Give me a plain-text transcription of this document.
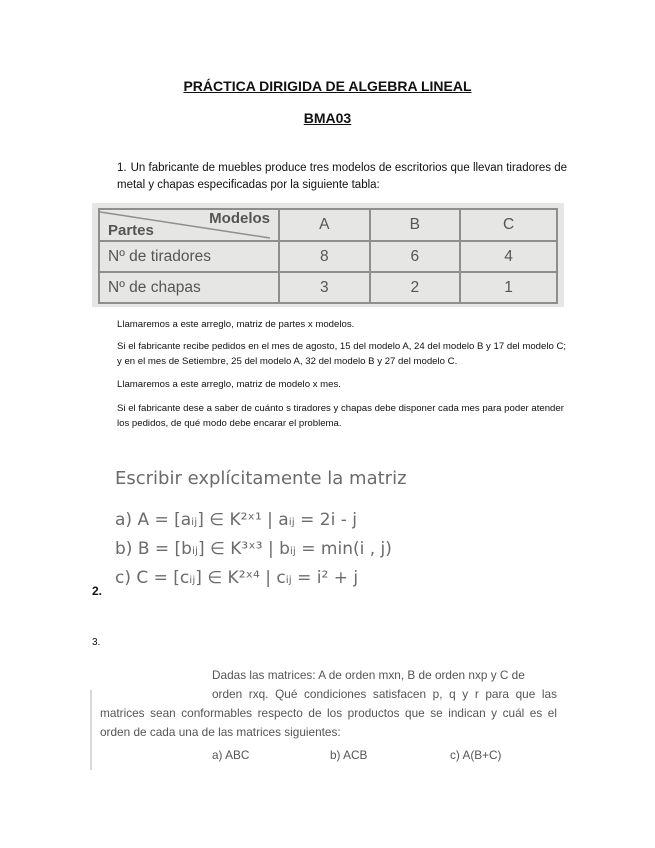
PRÁCTICA DIRIGIDA DE ALGEBRA LINEAL
BMA03
1. Un fabricante de muebles produce tres modelos de escritorios que llevan tiradores de metal y chapas especificadas por la siguiente tabla:
Partes
Modelos	A	B	C
Nº de tiradores	8	6	4
Nº de chapas	3	2	1
Llamaremos a este arreglo, matriz de partes x modelos.
Si el fabricante recibe pedidos en el mes de agosto, 15 del modelo A, 24 del modelo B y 17 del modelo C; y en el mes de Setiembre, 25 del modelo A, 32 del modelo B y 27 del modelo C.
Llamaremos a este arreglo, matriz de modelo x mes.
Si el fabricante dese a saber de cuánto s tiradores y chapas debe disponer cada mes para poder atender los pedidos, de qué modo debe encarar el problema.
Escribir explícitamente la matriz
a) A = [aᵢⱼ] ∈ K²ˣ¹ | aᵢⱼ = 2i - j
b) B = [bᵢⱼ] ∈ K³ˣ³ | bᵢⱼ = min(i , j)
c) C = [cᵢⱼ] ∈ K²ˣ⁴ | cᵢⱼ = i² + j
2.
3.
Dadas las matrices: A de orden mxn, B de orden nxp y C de
orden rxq. Qué condiciones satisfacen p, q y r para que las
matrices sean conformables respecto de los productos que se indican y cuál es el
orden de cada una de las matrices siguientes:
a) ABC	b) ACB	c) A(B+C)
